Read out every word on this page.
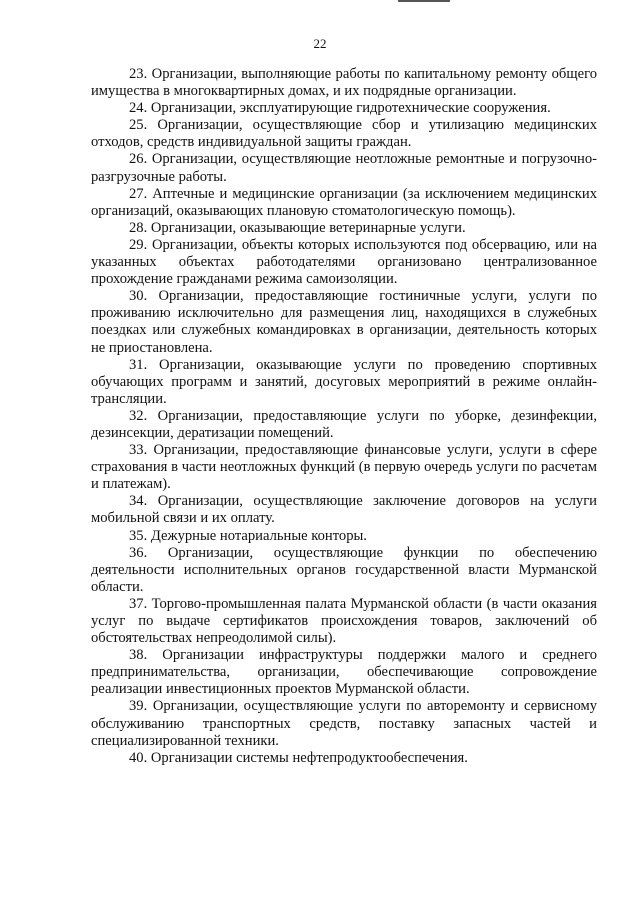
22

23. Организации, выполняющие работы по капитальному ремонту общего имущества в многоквартирных домах, и их подрядные организации.

24. Организации, эксплуатирующие гидротехнические сооружения.

25. Организации, осуществляющие сбор и утилизацию медицинских отходов, средств индивидуальной защиты граждан.

26. Организации, осуществляющие неотложные ремонтные и погрузочно-разгрузочные работы.

27. Аптечные и медицинские организации (за исключением медицинских организаций, оказывающих плановую стоматологическую помощь).

28. Организации, оказывающие ветеринарные услуги.

29. Организации, объекты которых используются под обсервацию, или на указанных объектах работодателями организовано централизованное прохождение гражданами режима самоизоляции.

30. Организации, предоставляющие гостиничные услуги, услуги по проживанию исключительно для размещения лиц, находящихся в служебных поездках или служебных командировках в организации, деятельность которых не приостановлена.

31. Организации, оказывающие услуги по проведению спортивных обучающих программ и занятий, досуговых мероприятий в режиме онлайн-трансляции.

32. Организации, предоставляющие услуги по уборке, дезинфекции, дезинсекции, дератизации помещений.

33. Организации, предоставляющие финансовые услуги, услуги в сфере страхования в части неотложных функций (в первую очередь услуги по расчетам и платежам).

34. Организации, осуществляющие заключение договоров на услуги мобильной связи и их оплату.

35. Дежурные нотариальные конторы.

36. Организации, осуществляющие функции по обеспечению деятельности исполнительных органов государственной власти Мурманской области.

37. Торгово-промышленная палата Мурманской области (в части оказания услуг по выдаче сертификатов происхождения товаров, заключений об обстоятельствах непреодолимой силы).

38. Организации инфраструктуры поддержки малого и среднего предпринимательства, организации, обеспечивающие сопровождение реализации инвестиционных проектов Мурманской области.

39. Организации, осуществляющие услуги по авторемонту и сервисному обслуживанию транспортных средств, поставку запасных частей и специализированной техники.

40. Организации системы нефтепродуктообеспечения.
